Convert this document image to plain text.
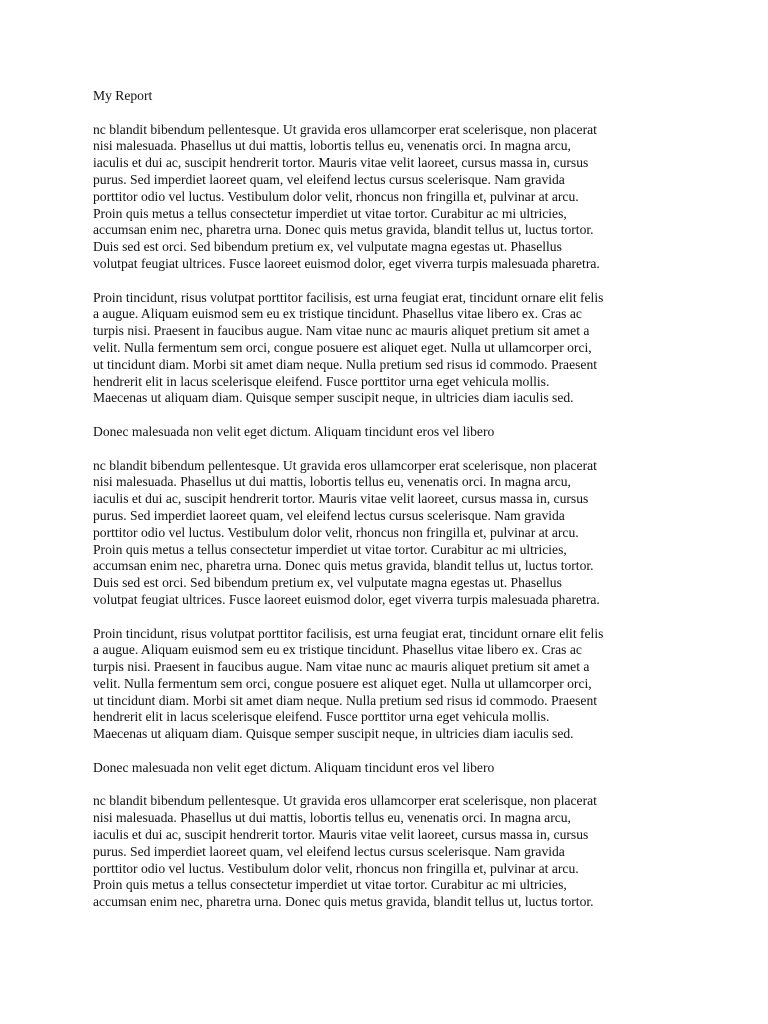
My Report

nc blandit bibendum pellentesque. Ut gravida eros ullamcorper erat scelerisque, non placerat
nisi malesuada. Phasellus ut dui mattis, lobortis tellus eu, venenatis orci. In magna arcu,
iaculis et dui ac, suscipit hendrerit tortor. Mauris vitae velit laoreet, cursus massa in, cursus
purus. Sed imperdiet laoreet quam, vel eleifend lectus cursus scelerisque. Nam gravida
porttitor odio vel luctus. Vestibulum dolor velit, rhoncus non fringilla et, pulvinar at arcu.
Proin quis metus a tellus consectetur imperdiet ut vitae tortor. Curabitur ac mi ultricies,
accumsan enim nec, pharetra urna. Donec quis metus gravida, blandit tellus ut, luctus tortor.
Duis sed est orci. Sed bibendum pretium ex, vel vulputate magna egestas ut. Phasellus
volutpat feugiat ultrices. Fusce laoreet euismod dolor, eget viverra turpis malesuada pharetra.

Proin tincidunt, risus volutpat porttitor facilisis, est urna feugiat erat, tincidunt ornare elit felis
a augue. Aliquam euismod sem eu ex tristique tincidunt. Phasellus vitae libero ex. Cras ac
turpis nisi. Praesent in faucibus augue. Nam vitae nunc ac mauris aliquet pretium sit amet a
velit. Nulla fermentum sem orci, congue posuere est aliquet eget. Nulla ut ullamcorper orci,
ut tincidunt diam. Morbi sit amet diam neque. Nulla pretium sed risus id commodo. Praesent
hendrerit elit in lacus scelerisque eleifend. Fusce porttitor urna eget vehicula mollis.
Maecenas ut aliquam diam. Quisque semper suscipit neque, in ultricies diam iaculis sed.

Donec malesuada non velit eget dictum. Aliquam tincidunt eros vel libero

nc blandit bibendum pellentesque. Ut gravida eros ullamcorper erat scelerisque, non placerat
nisi malesuada. Phasellus ut dui mattis, lobortis tellus eu, venenatis orci. In magna arcu,
iaculis et dui ac, suscipit hendrerit tortor. Mauris vitae velit laoreet, cursus massa in, cursus
purus. Sed imperdiet laoreet quam, vel eleifend lectus cursus scelerisque. Nam gravida
porttitor odio vel luctus. Vestibulum dolor velit, rhoncus non fringilla et, pulvinar at arcu.
Proin quis metus a tellus consectetur imperdiet ut vitae tortor. Curabitur ac mi ultricies,
accumsan enim nec, pharetra urna. Donec quis metus gravida, blandit tellus ut, luctus tortor.
Duis sed est orci. Sed bibendum pretium ex, vel vulputate magna egestas ut. Phasellus
volutpat feugiat ultrices. Fusce laoreet euismod dolor, eget viverra turpis malesuada pharetra.

Proin tincidunt, risus volutpat porttitor facilisis, est urna feugiat erat, tincidunt ornare elit felis
a augue. Aliquam euismod sem eu ex tristique tincidunt. Phasellus vitae libero ex. Cras ac
turpis nisi. Praesent in faucibus augue. Nam vitae nunc ac mauris aliquet pretium sit amet a
velit. Nulla fermentum sem orci, congue posuere est aliquet eget. Nulla ut ullamcorper orci,
ut tincidunt diam. Morbi sit amet diam neque. Nulla pretium sed risus id commodo. Praesent
hendrerit elit in lacus scelerisque eleifend. Fusce porttitor urna eget vehicula mollis.
Maecenas ut aliquam diam. Quisque semper suscipit neque, in ultricies diam iaculis sed.

Donec malesuada non velit eget dictum. Aliquam tincidunt eros vel libero

nc blandit bibendum pellentesque. Ut gravida eros ullamcorper erat scelerisque, non placerat
nisi malesuada. Phasellus ut dui mattis, lobortis tellus eu, venenatis orci. In magna arcu,
iaculis et dui ac, suscipit hendrerit tortor. Mauris vitae velit laoreet, cursus massa in, cursus
purus. Sed imperdiet laoreet quam, vel eleifend lectus cursus scelerisque. Nam gravida
porttitor odio vel luctus. Vestibulum dolor velit, rhoncus non fringilla et, pulvinar at arcu.
Proin quis metus a tellus consectetur imperdiet ut vitae tortor. Curabitur ac mi ultricies,
accumsan enim nec, pharetra urna. Donec quis metus gravida, blandit tellus ut, luctus tortor.
